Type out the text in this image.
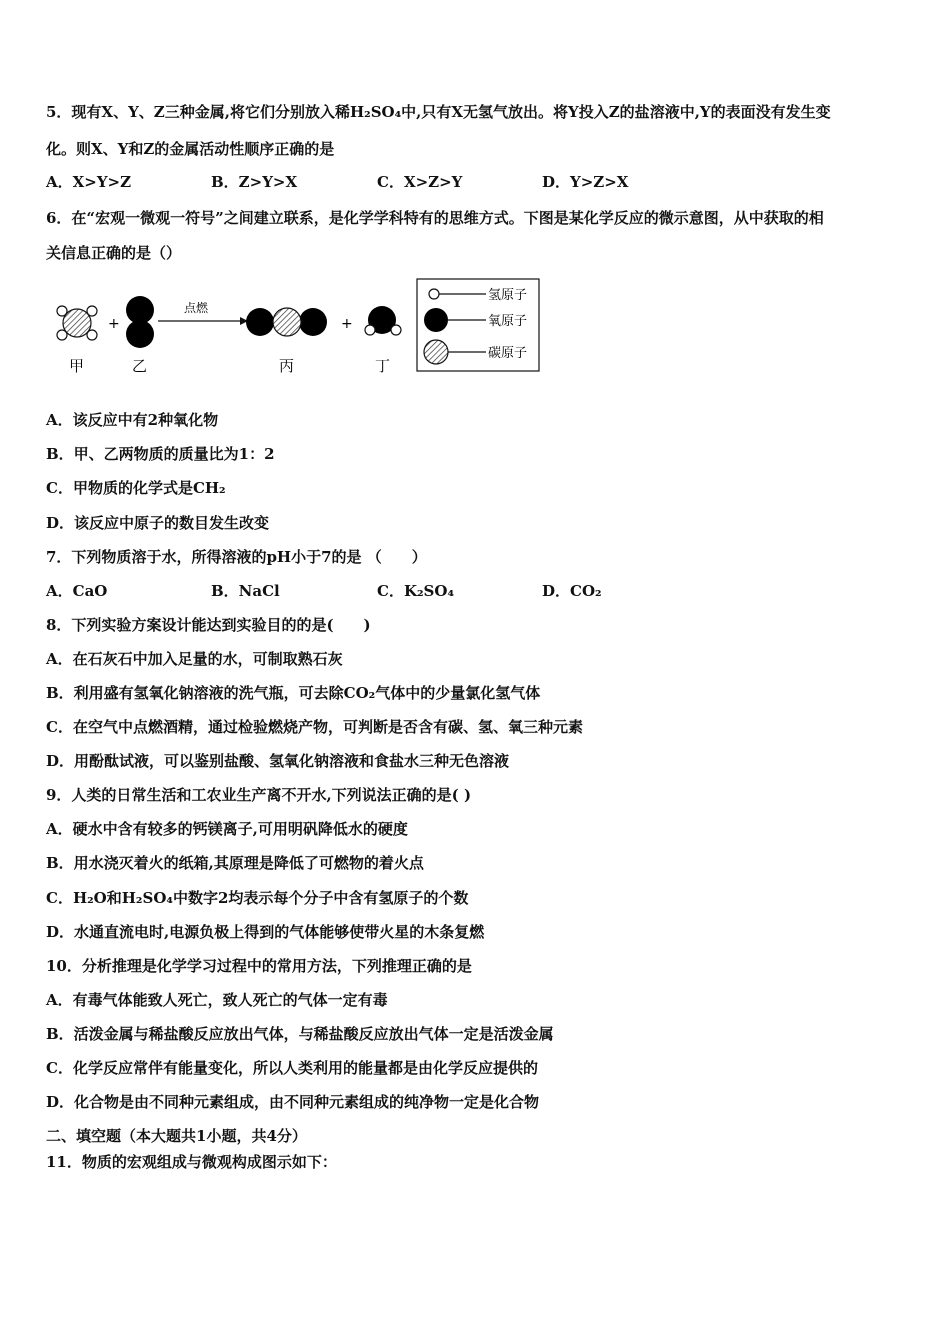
5．现有X、Y、Z三种金属,将它们分别放入稀H₂SO₄中,只有X无氢气放出。将Y投入Z的盐溶液中,Y的表面没有发生变
化。则X、Y和Z的金属活动性顺序正确的是
A．X>Y>Z	B．Z>Y>X	C．X>Z>Y	D．Y>Z>X
6．在“宏观一微观一符号”之间建立联系，是化学学科特有的思维方式。下图是某化学反应的微示意图，从中获取的相
关信息正确的是（）
+
点燃
+
甲	乙	丙	丁
氢原子
氧原子
碳原子
A．该反应中有2种氧化物
B．甲、乙两物质的质量比为1：2
C．甲物质的化学式是CH₂
D．该反应中原子的数目发生改变
7．下列物质溶于水，所得溶液的pH小于7的是 （　　）
A．CaO	B．NaCl	C．K₂SO₄	D．CO₂
8．下列实验方案设计能达到实验目的的是(　　)
A．在石灰石中加入足量的水，可制取熟石灰
B．利用盛有氢氧化钠溶液的洗气瓶，可去除CO₂气体中的少量氯化氢气体
C．在空气中点燃酒精，通过检验燃烧产物，可判断是否含有碳、氢、氧三种元素
D．用酚酞试液，可以鉴别盐酸、氢氧化钠溶液和食盐水三种无色溶液
9．人类的日常生活和工农业生产离不开水,下列说法正确的是( )
A．硬水中含有较多的钙镁离子,可用明矾降低水的硬度
B．用水浇灭着火的纸箱,其原理是降低了可燃物的着火点
C．H₂O和H₂SO₄中数字2均表示每个分子中含有氢原子的个数
D．水通直流电时,电源负极上得到的气体能够使带火星的木条复燃
10．分析推理是化学学习过程中的常用方法，下列推理正确的是
A．有毒气体能致人死亡，致人死亡的气体一定有毒
B．活泼金属与稀盐酸反应放出气体，与稀盐酸反应放出气体一定是活泼金属
C．化学反应常伴有能量变化，所以人类利用的能量都是由化学反应提供的
D．化合物是由不同种元素组成，由不同种元素组成的纯净物一定是化合物
二、填空题（本大题共1小题，共4分）
11．物质的宏观组成与微观构成图示如下：
